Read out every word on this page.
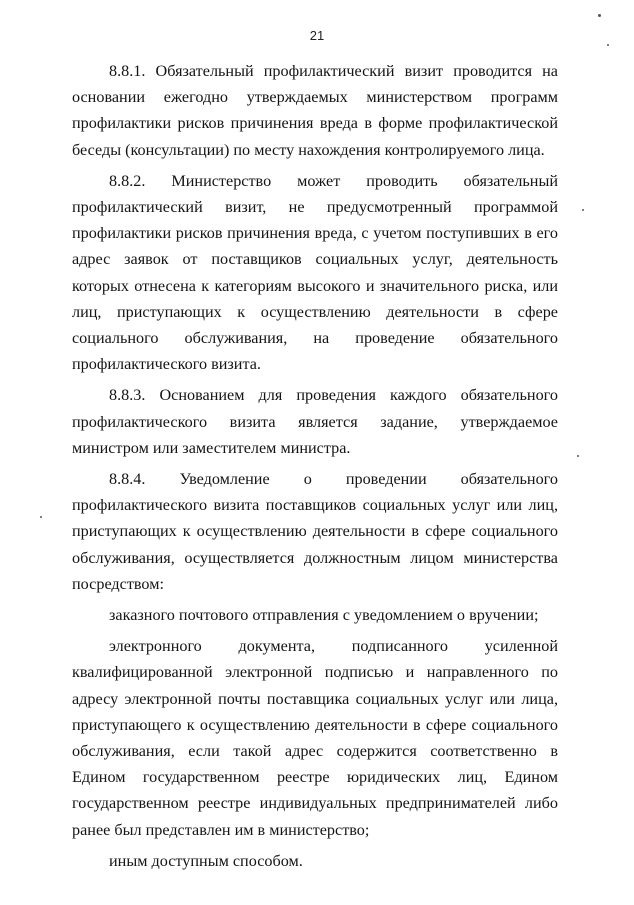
21

8.8.1. Обязательный профилактический визит проводится на основании ежегодно утверждаемых министерством программ профилактики рисков причинения вреда в форме профилактической беседы (консультации) по месту нахождения контролируемого лица.

8.8.2. Министерство может проводить обязательный профилактический визит, не предусмотренный программой профилактики рисков причинения вреда, с учетом поступивших в его адрес заявок от поставщиков социальных услуг, деятельность которых отнесена к категориям высокого и значительного риска, или лиц, приступающих к осуществлению деятельности в сфере социального обслуживания, на проведение обязательного профилактического визита.

8.8.3. Основанием для проведения каждого обязательного профилактического визита является задание, утверждаемое министром или заместителем министра.

8.8.4. Уведомление о проведении обязательного профилактического визита поставщиков социальных услуг или лиц, приступающих к осуществлению деятельности в сфере социального обслуживания, осуществляется должностным лицом министерства посредством:

заказного почтового отправления с уведомлением о вручении;

электронного документа, подписанного усиленной квалифицированной электронной подписью и направленного по адресу электронной почты поставщика социальных услуг или лица, приступающего к осуществлению деятельности в сфере социального обслуживания, если такой адрес содержится соответственно в Едином государственном реестре юридических лиц, Едином государственном реестре индивидуальных предпринимателей либо ранее был представлен им в министерство;

иным доступным способом.
